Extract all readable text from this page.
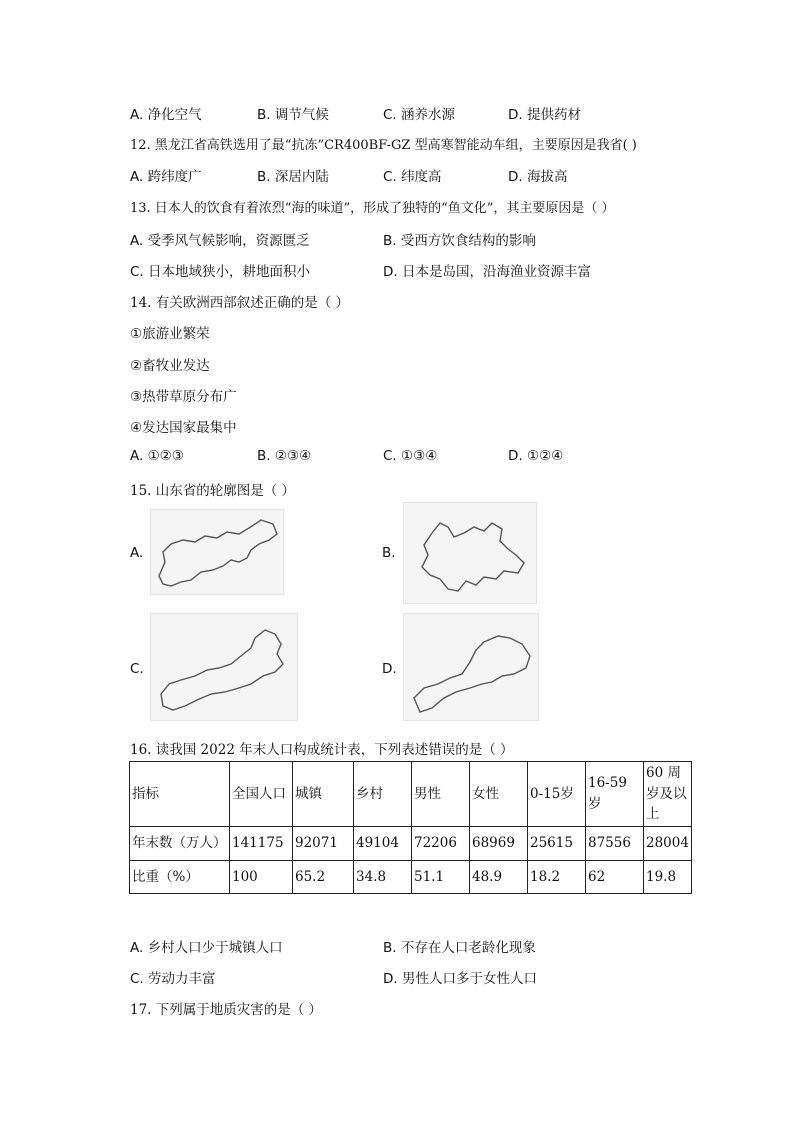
A. 净化空气	B. 调节气候	C. 涵养水源	D. 提供药材
12. 黑龙江省高铁选用了最“抗冻”CR400BF-GZ 型高寒智能动车组，主要原因是我省( )
A. 跨纬度广	B. 深居内陆	C. 纬度高	D. 海拔高
13. 日本人的饮食有着浓烈“海的味道”，形成了独特的“鱼文化”，其主要原因是（ ）
A. 受季风气候影响，资源匮乏	B. 受西方饮食结构的影响
C. 日本地域狭小，耕地面积小	D. 日本是岛国，沿海渔业资源丰富
14. 有关欧洲西部叙述正确的是（ ）
①旅游业繁荣
②畜牧业发达
③热带草原分布广
④发达国家最集中
A. ①②③	B. ②③④	C. ①③④	D. ①②④
15. 山东省的轮廓图是（ ）
A.	B.
C.	D.
16. 读我国 2022 年末人口构成统计表，下列表述错误的是（ ）
指标	全国人口	城镇	乡村	男性	女性	0-15岁	16-59 岁	60 周岁及以上
年末数（万人）	141175	92071	49104	72206	68969	25615	87556	28004
比重（%）	100	65.2	34.8	51.1	48.9	18.2	62	19.8
A. 乡村人口少于城镇人口	B. 不存在人口老龄化现象
C. 劳动力丰富	D. 男性人口多于女性人口
17. 下列属于地质灾害的是（ ）
